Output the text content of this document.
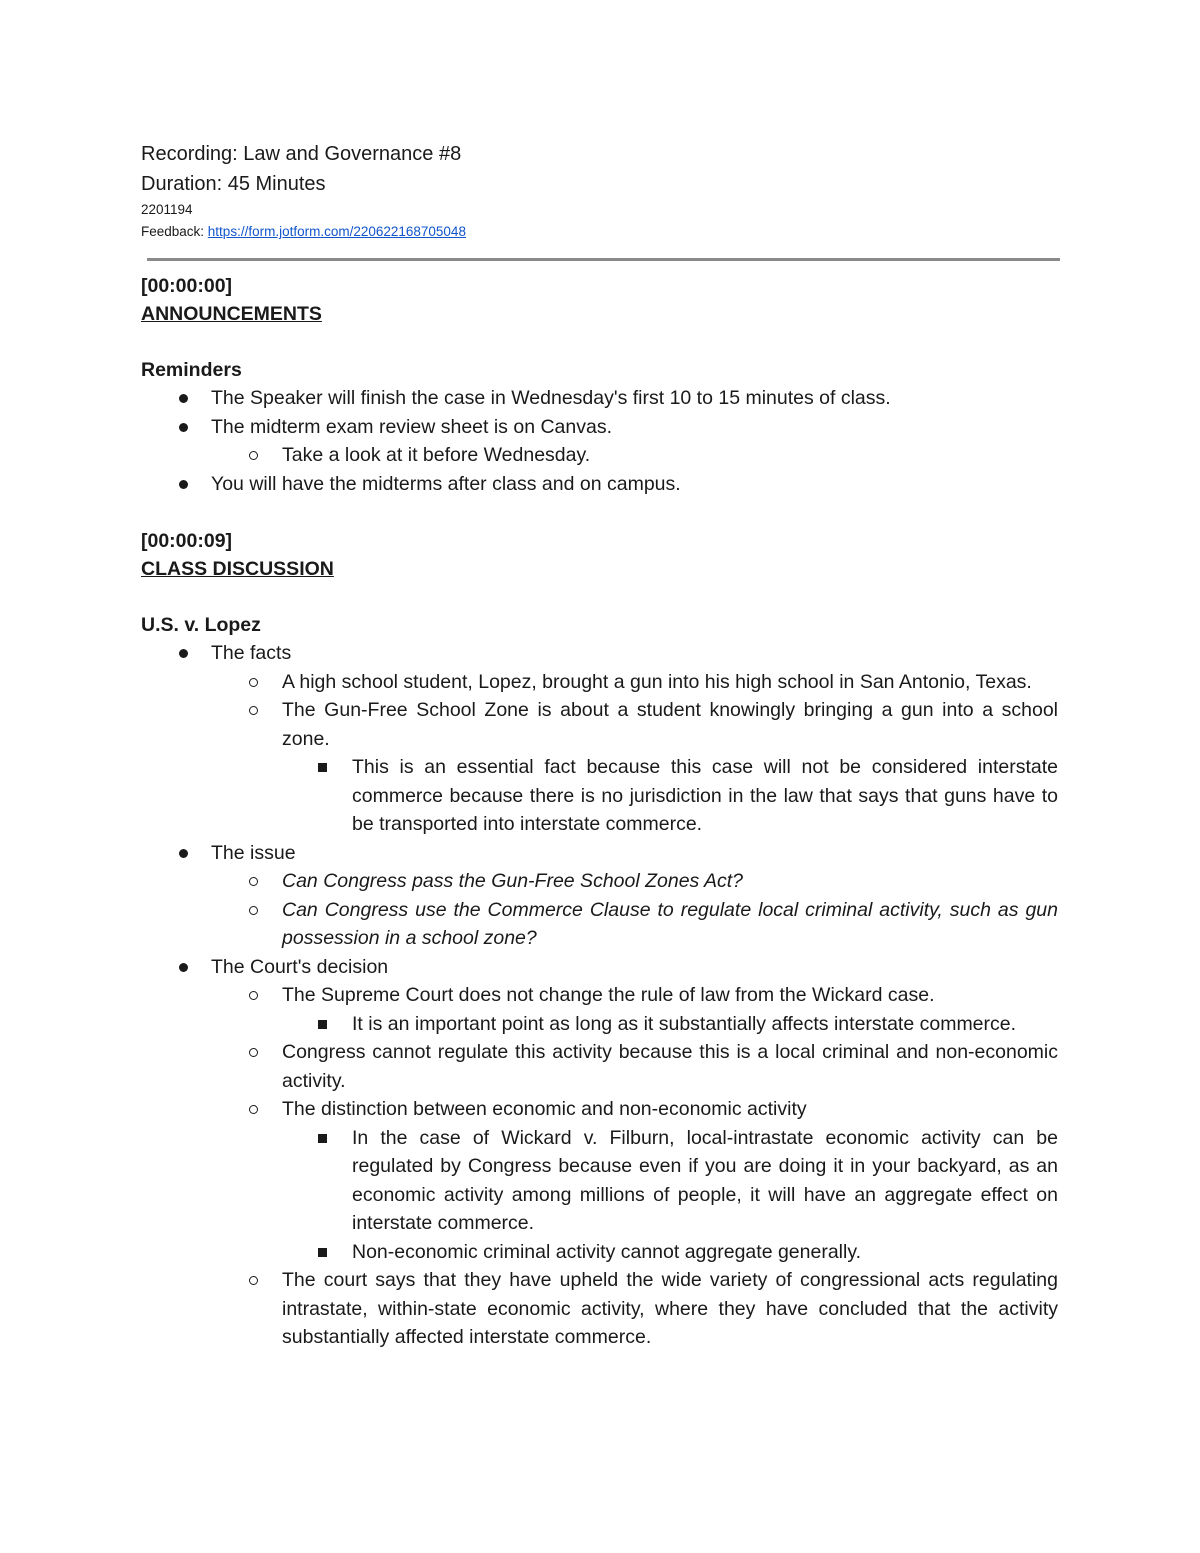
Recording: Law and Governance #8
Duration: 45 Minutes
2201194
Feedback: https://form.jotform.com/220622168705048
[00:00:00]
ANNOUNCEMENTS
Reminders
The Speaker will finish the case in Wednesday's first 10 to 15 minutes of class.
The midterm exam review sheet is on Canvas.
Take a look at it before Wednesday.
You will have the midterms after class and on campus.
[00:00:09]
CLASS DISCUSSION
U.S. v. Lopez
The facts
A high school student, Lopez, brought a gun into his high school in San Antonio, Texas.
The Gun-Free School Zone is about a student knowingly bringing a gun into a school zone.
This is an essential fact because this case will not be considered interstate commerce because there is no jurisdiction in the law that says that guns have to be transported into interstate commerce.
The issue
Can Congress pass the Gun-Free School Zones Act?
Can Congress use the Commerce Clause to regulate local criminal activity, such as gun possession in a school zone?
The Court's decision
The Supreme Court does not change the rule of law from the Wickard case.
It is an important point as long as it substantially affects interstate commerce.
Congress cannot regulate this activity because this is a local criminal and non-economic activity.
The distinction between economic and non-economic activity
In the case of Wickard v. Filburn, local-intrastate economic activity can be regulated by Congress because even if you are doing it in your backyard, as an economic activity among millions of people, it will have an aggregate effect on interstate commerce.
Non-economic criminal activity cannot aggregate generally.
The court says that they have upheld the wide variety of congressional acts regulating intrastate, within-state economic activity, where they have concluded that the activity substantially affected interstate commerce.
